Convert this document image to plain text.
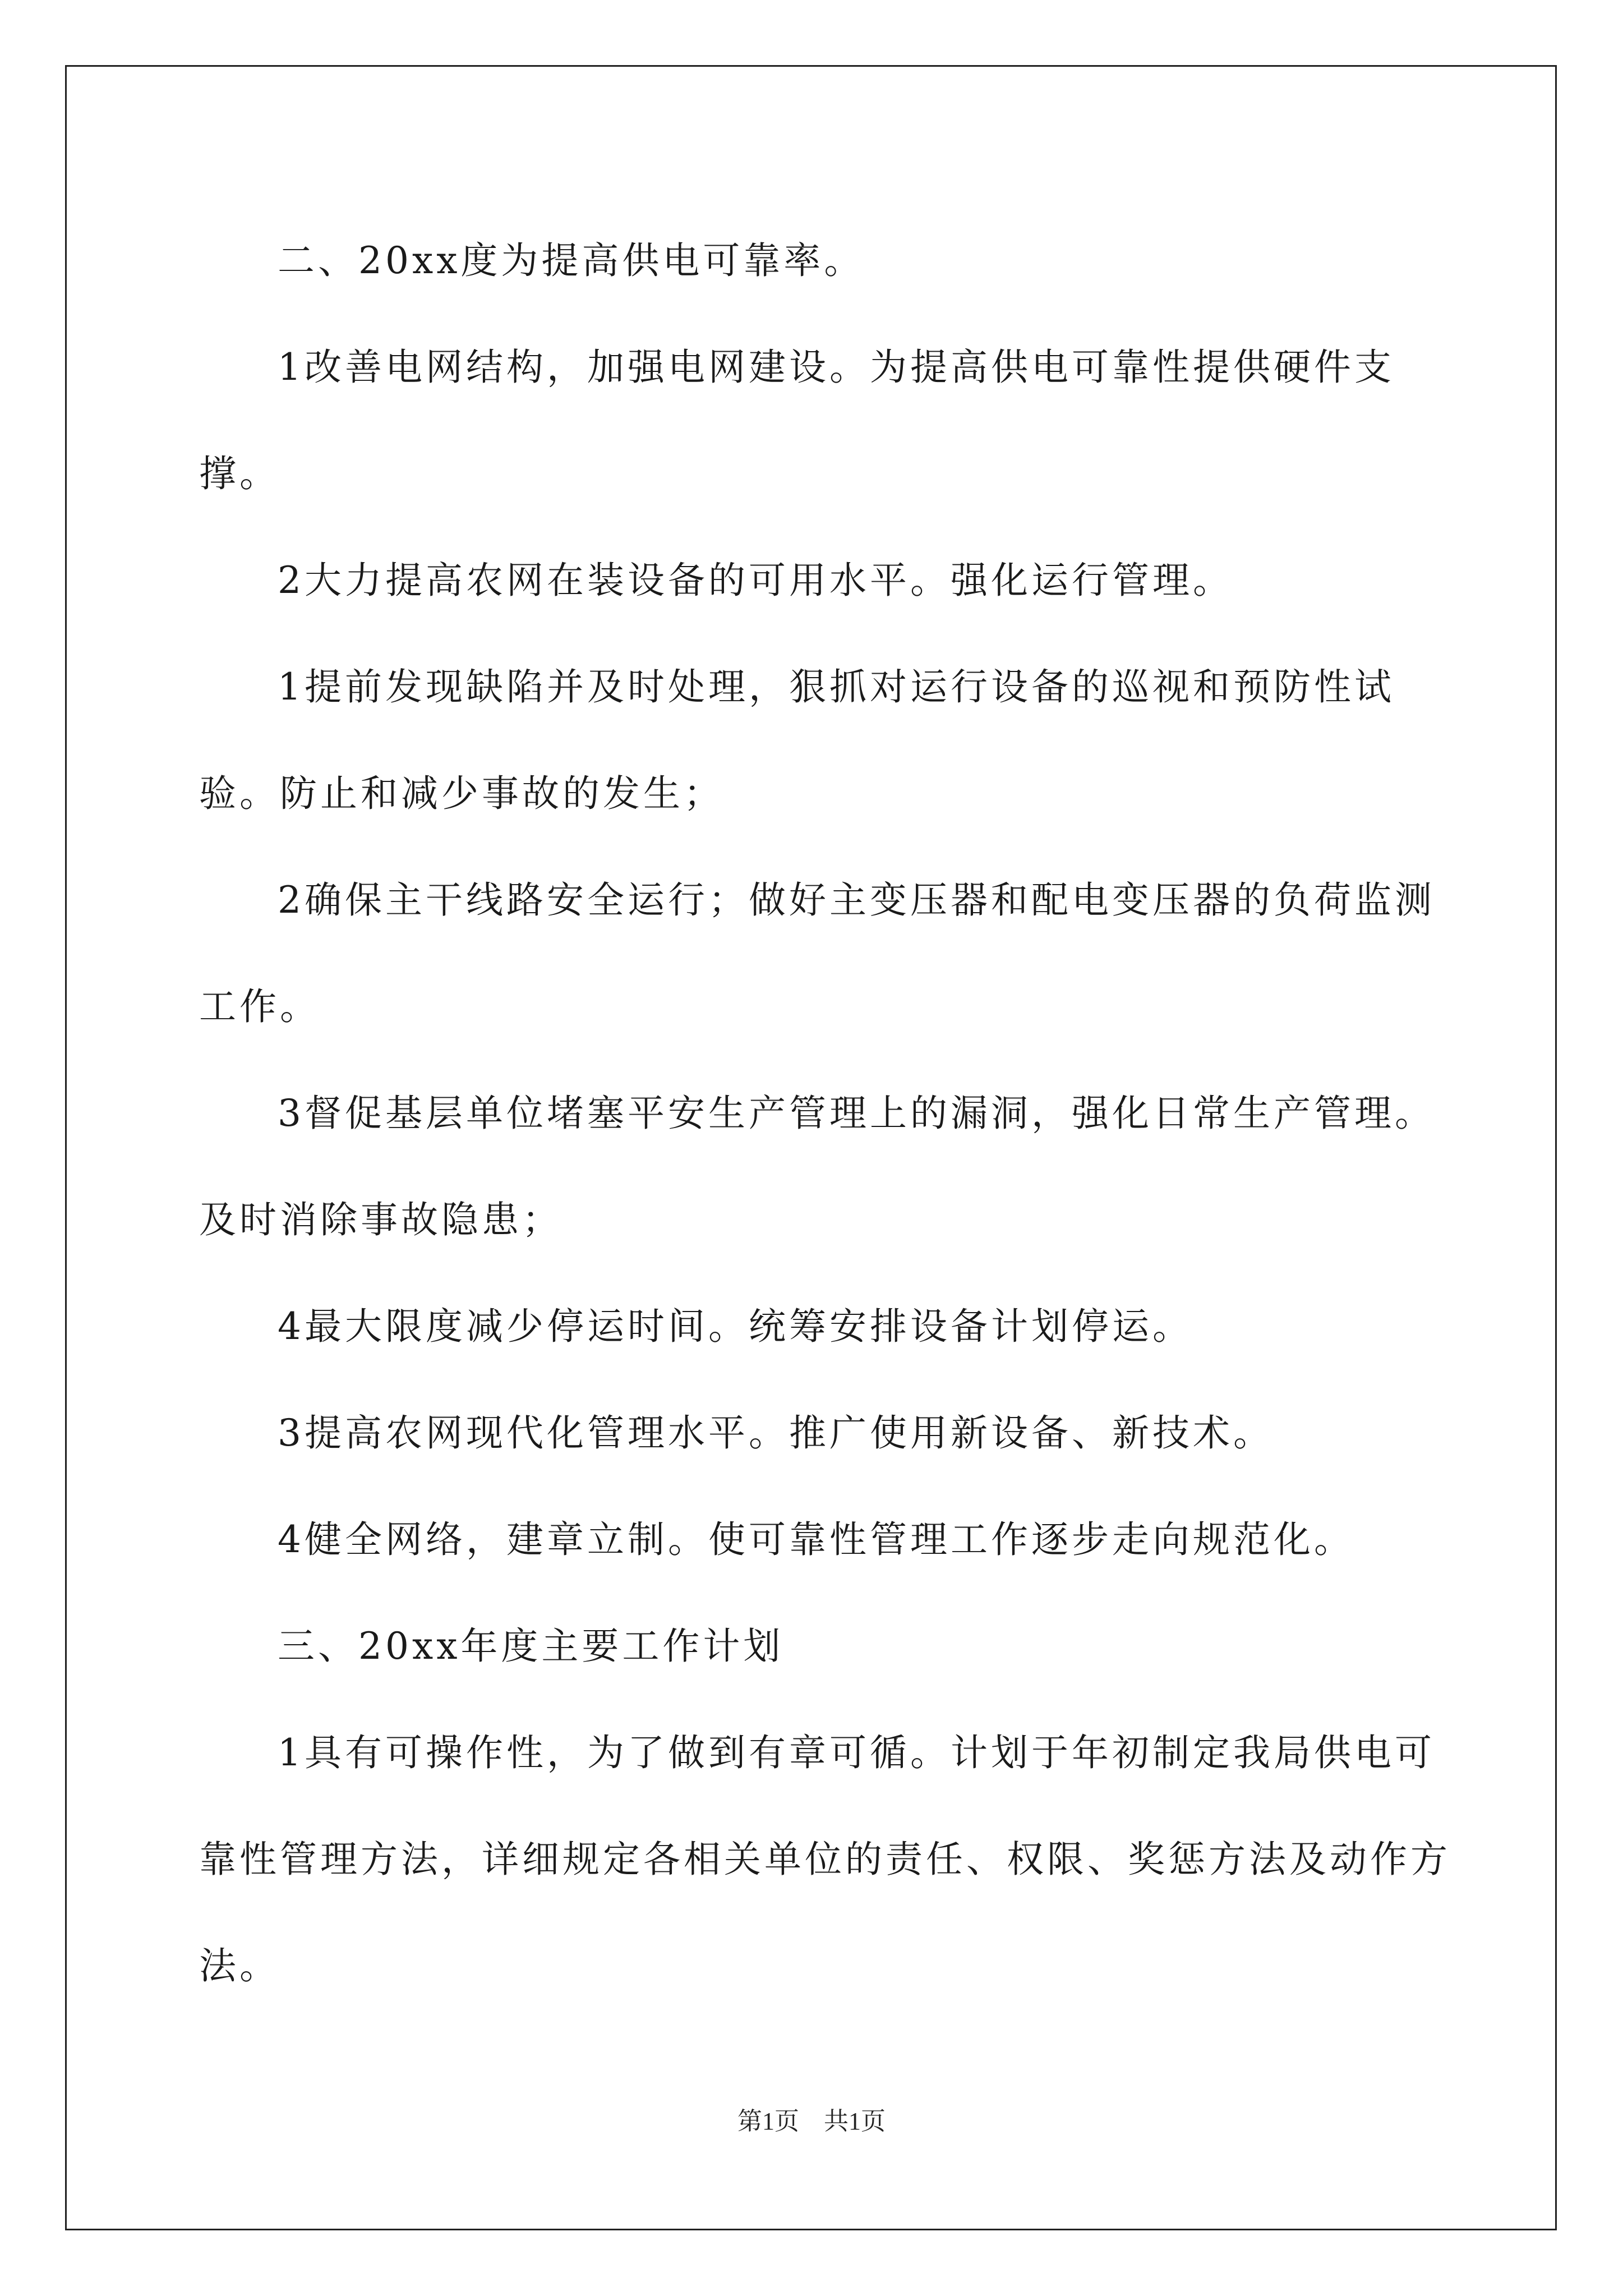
二、20xx度为提高供电可靠率。

1改善电网结构，加强电网建设。为提高供电可靠性提供硬件支撑。

2大力提高农网在装设备的可用水平。强化运行管理。

1提前发现缺陷并及时处理，狠抓对运行设备的巡视和预防性试验。防止和减少事故的发生；

2确保主干线路安全运行；做好主变压器和配电变压器的负荷监测工作。

3督促基层单位堵塞平安生产管理上的漏洞，强化日常生产管理。及时消除事故隐患；

4最大限度减少停运时间。统筹安排设备计划停运。

3提高农网现代化管理水平。推广使用新设备、新技术。

4健全网络，建章立制。使可靠性管理工作逐步走向规范化。

三、20xx年度主要工作计划

1具有可操作性，为了做到有章可循。计划于年初制定我局供电可靠性管理方法，详细规定各相关单位的责任、权限、奖惩方法及动作方法。

第1页　共1页
